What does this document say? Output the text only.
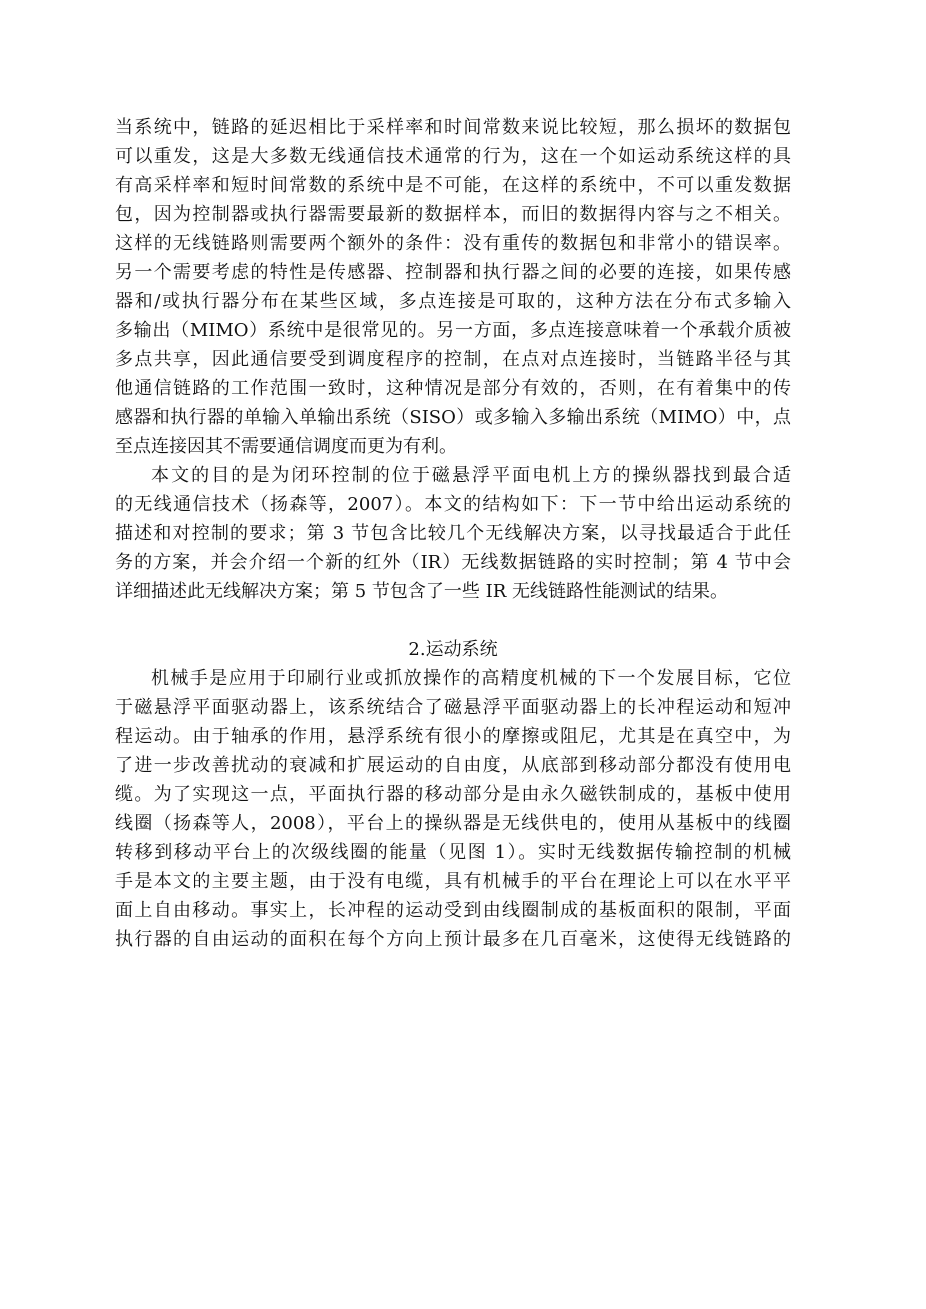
当系统中，链路的延迟相比于采样率和时间常数来说比较短，那么损坏的数据包
可以重发，这是大多数无线通信技术通常的行为，这在一个如运动系统这样的具
有高采样率和短时间常数的系统中是不可能，在这样的系统中，不可以重发数据
包，因为控制器或执行器需要最新的数据样本，而旧的数据得内容与之不相关。
这样的无线链路则需要两个额外的条件：没有重传的数据包和非常小的错误率。
另一个需要考虑的特性是传感器、控制器和执行器之间的必要的连接，如果传感
器和/或执行器分布在某些区域，多点连接是可取的，这种方法在分布式多输入
多输出（MIMO）系统中是很常见的。另一方面，多点连接意味着一个承载介质被
多点共享，因此通信要受到调度程序的控制，在点对点连接时，当链路半径与其
他通信链路的工作范围一致时，这种情况是部分有效的，否则，在有着集中的传
感器和执行器的单输入单输出系统（SISO）或多输入多输出系统（MIMO）中，点
至点连接因其不需要通信调度而更为有利。
本文的目的是为闭环控制的位于磁悬浮平面电机上方的操纵器找到最合适
的无线通信技术（扬森等，2007）。本文的结构如下：下一节中给出运动系统的
描述和对控制的要求；第 3 节包含比较几个无线解决方案，以寻找最适合于此任
务的方案，并会介绍一个新的红外（IR）无线数据链路的实时控制；第 4 节中会
详细描述此无线解决方案；第 5 节包含了一些 IR 无线链路性能测试的结果。
2.运动系统
机械手是应用于印刷行业或抓放操作的高精度机械的下一个发展目标，它位
于磁悬浮平面驱动器上，该系统结合了磁悬浮平面驱动器上的长冲程运动和短冲
程运动。由于轴承的作用，悬浮系统有很小的摩擦或阻尼，尤其是在真空中，为
了进一步改善扰动的衰减和扩展运动的自由度，从底部到移动部分都没有使用电
缆。为了实现这一点，平面执行器的移动部分是由永久磁铁制成的，基板中使用
线圈（扬森等人，2008），平台上的操纵器是无线供电的，使用从基板中的线圈
转移到移动平台上的次级线圈的能量（见图 1）。实时无线数据传输控制的机械
手是本文的主要主题，由于没有电缆，具有机械手的平台在理论上可以在水平平
面上自由移动。事实上，长冲程的运动受到由线圈制成的基板面积的限制，平面
执行器的自由运动的面积在每个方向上预计最多在几百毫米，这使得无线链路的
